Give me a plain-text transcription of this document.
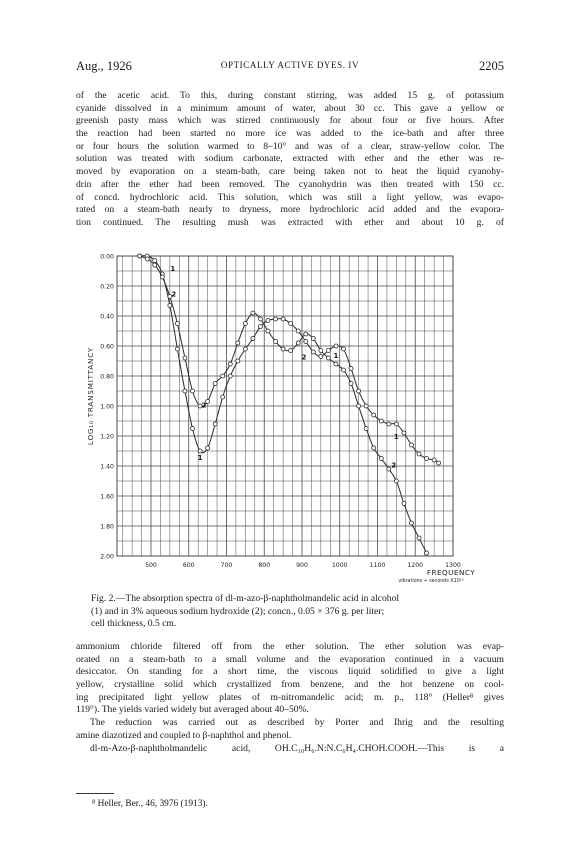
Aug., 1926	OPTICALLY ACTIVE DYES. IV	2205
of the acetic acid. To this, during constant stirring, was added 15 g. of potassium
cyanide dissolved in a minimum amount of water, about 30 cc. This gave a yellow or
greenish pasty mass which was stirred continuously for about four or five hours. After
the reaction had been started no more ice was added to the ice-bath and after three
or four hours the solution warmed to 8–10° and was of a clear, straw-yellow color. The
solution was treated with sodium carbonate, extracted with ether and the ether was re-
moved by evaporation on a steam-bath, care being taken not to heat the liquid cyanohy-
drin after the ether had been removed. The cyanohydrin was then treated with 150 cc.
of concd. hydrochloric acid. This solution, which was still a light yellow, was evapo-
rated on a steam-bath nearly to dryness, more hydrochloric acid added and the evapora-
tion continued. The resulting mush was extracted with ether and about 10 g. of
0.00
0.20
0.40
0.60
0.80
1.00
1.20
1.40
1.60
1.80
2.00
500	600	700	800	900	1000	1100	1200	1300
FREQUENCY
vibrations ÷ seconds X10¹²
LOG₁₀ TRANSMITTANCY
1
2
1
2
2	1
1
2
Fig. 2.—The absorption spectra of dl-m-azo-β-naphtholmandelic acid in alcohol
(1) and in 3% aqueous sodium hydroxide (2); concn., 0.05 × 376 g. per liter;
cell thickness, 0.5 cm.
ammonium chloride filtered off from the ether solution. The ether solution was evap-
orated on a steam-bath to a small volume and the evaporation continued in a vacuum
desiccator. On standing for a short time, the viscous liquid solidified to give a light
yellow, crystalline solid which crystallized from benzene, and the hot benzene on cool-
ing precipitated light yellow plates of m-nitromandelic acid; m. p., 118° (Heller⁸ gives
119°). The yields varied widely but averaged about 40–50%.
The reduction was carried out as described by Porter and Ihrig and the resulting
amine diazotized and coupled to β-naphthol and phenol.
dl-m-Azo-β-naphtholmandelic acid, OH.C₁₀H₆.N:N.C₆H₄.CHOH.COOH.—This is a
⁸ Heller, Ber., 46, 3976 (1913).
